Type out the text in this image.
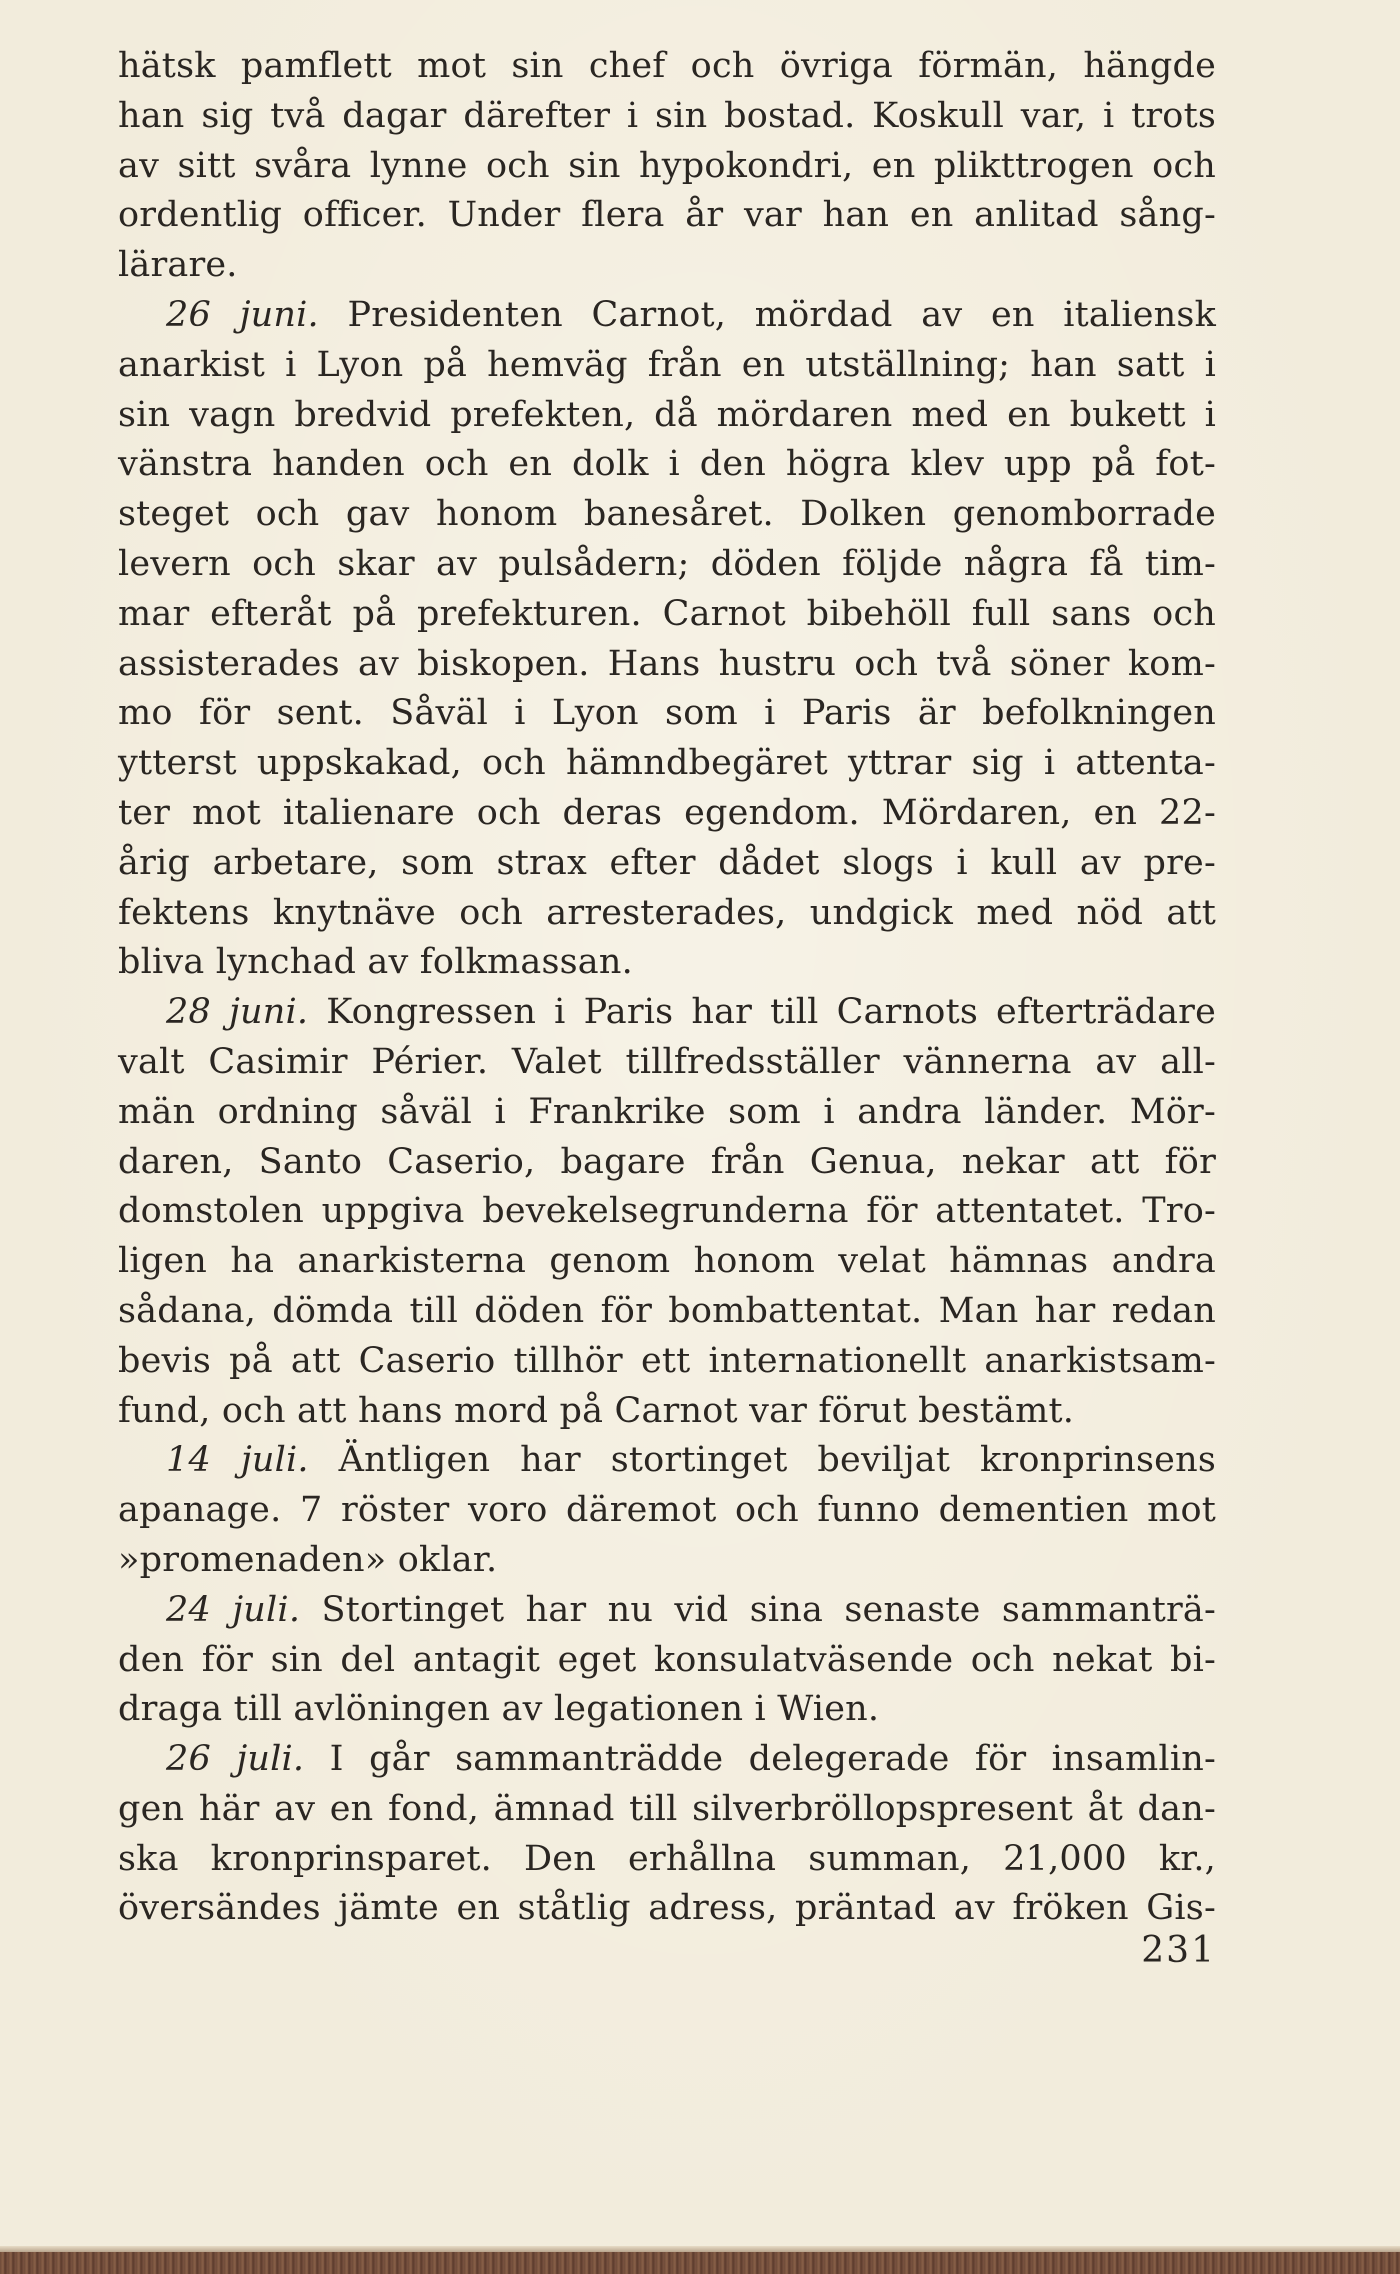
hätsk pamflett mot sin chef och övriga förmän, hängde
han sig två dagar därefter i sin bostad. Koskull var, i trots
av sitt svåra lynne och sin hypokondri, en plikttrogen och
ordentlig officer. Under flera år var han en anlitad sång-
lärare.
26 juni. Presidenten Carnot, mördad av en italiensk
anarkist i Lyon på hemväg från en utställning; han satt i
sin vagn bredvid prefekten, då mördaren med en bukett i
vänstra handen och en dolk i den högra klev upp på fot-
steget och gav honom banesåret. Dolken genomborrade
levern och skar av pulsådern; döden följde några få tim-
mar efteråt på prefekturen. Carnot bibehöll full sans och
assisterades av biskopen. Hans hustru och två söner kom-
mo för sent. Såväl i Lyon som i Paris är befolkningen
ytterst uppskakad, och hämndbegäret yttrar sig i attenta-
ter mot italienare och deras egendom. Mördaren, en 22-
årig arbetare, som strax efter dådet slogs i kull av pre-
fektens knytnäve och arresterades, undgick med nöd att
bliva lynchad av folkmassan.
28 juni. Kongressen i Paris har till Carnots efterträdare
valt Casimir Périer. Valet tillfredsställer vännerna av all-
män ordning såväl i Frankrike som i andra länder. Mör-
daren, Santo Caserio, bagare från Genua, nekar att för
domstolen uppgiva bevekelsegrunderna för attentatet. Tro-
ligen ha anarkisterna genom honom velat hämnas andra
sådana, dömda till döden för bombattentat. Man har redan
bevis på att Caserio tillhör ett internationellt anarkistsam-
fund, och att hans mord på Carnot var förut bestämt.
14 juli. Äntligen har stortinget beviljat kronprinsens
apanage. 7 röster voro däremot och funno dementien mot
»promenaden» oklar.
24 juli. Stortinget har nu vid sina senaste sammanträ-
den för sin del antagit eget konsulatväsende och nekat bi-
draga till avlöningen av legationen i Wien.
26 juli. I går sammanträdde delegerade för insamlin-
gen här av en fond, ämnad till silverbröllopspresent åt dan-
ska kronprinsparet. Den erhållna summan, 21,000 kr.,
översändes jämte en ståtlig adress, präntad av fröken Gis-
231
